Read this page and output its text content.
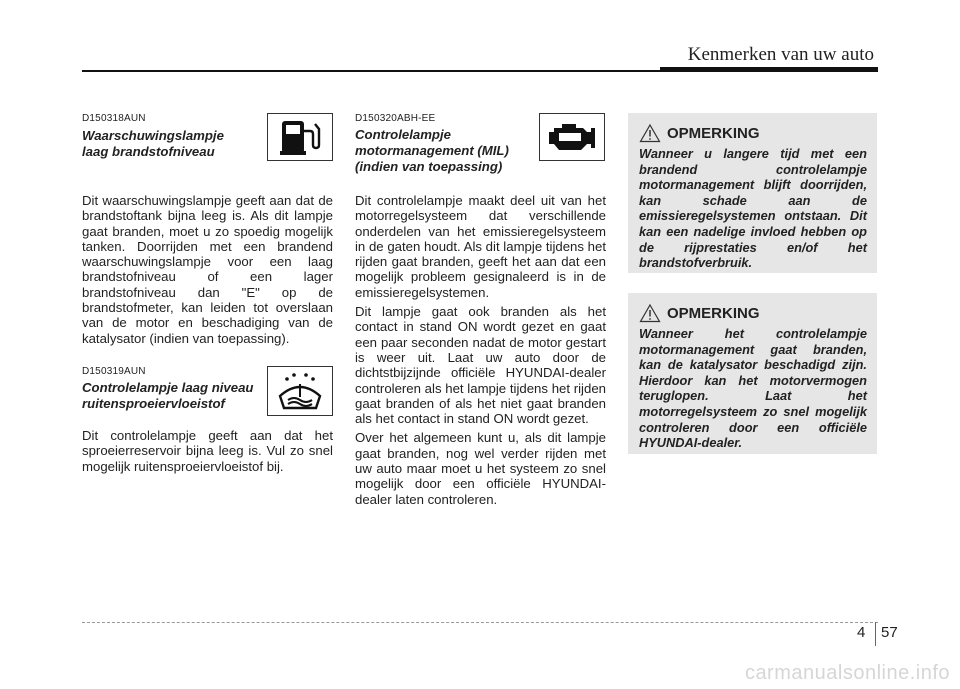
Kenmerken van uw auto
D150318AUN
Waarschuwingslampje
laag brandstofniveau
Dit waarschuwingslampje geeft aan dat de brandstoftank bijna leeg is. Als dit lampje gaat branden, moet u zo spoedig mogelijk tanken. Doorrijden met een brandend waarschuwingslampje voor een laag brandstofniveau of een lager brandstofniveau dan "E" op de brandstofmeter, kan leiden tot overslaan van de motor en beschadiging van de katalysator (indien van toepassing).
D150319AUN
Controlelampje laag niveau
ruitensproeiervloeistof
Dit controlelampje geeft aan dat het sproeierreservoir bijna leeg is. Vul zo snel mogelijk ruitensproeiervloeistof bij.
D150320ABH-EE
Controlelampje
motormanagement (MIL)
(indien van toepassing)

Dit controlelampje maakt deel uit van het motorregelsysteem dat verschillende onderdelen van het emissieregelsysteem in de gaten houdt. Als dit lampje tijdens het rijden gaat branden, geeft het aan dat een mogelijk probleem gesignaleerd is in de emissieregelsystemen.

Dit lampje gaat ook branden als het contact in stand ON wordt gezet en gaat een paar seconden nadat de motor gestart is weer uit. Laat uw auto door de dichtstbijzijnde officiële HYUNDAI-dealer controleren als het lampje tijdens het rijden gaat branden of als het niet gaat branden als het contact in stand ON wordt gezet.

Over het algemeen kunt u, als dit lampje gaat branden, nog wel verder rijden met uw auto maar moet u het systeem zo snel mogelijk door een officiële HYUNDAI-dealer laten controleren.

OPMERKING
Wanneer u langere tijd met een brandend controlelampje motormanagement blijft doorrijden, kan schade aan de emissieregelsystemen ontstaan. Dit kan een nadelige invloed hebben op de rijprestaties en/of het brandstofverbruik.
OPMERKING
Wanneer het controlelampje motormanagement gaat branden, kan de katalysator beschadigd zijn. Hierdoor kan het motorvermogen teruglopen. Laat het motorregelsysteem zo snel mogelijk controleren door een officiële HYUNDAI-dealer.
4 57
carmanualsonline.info
